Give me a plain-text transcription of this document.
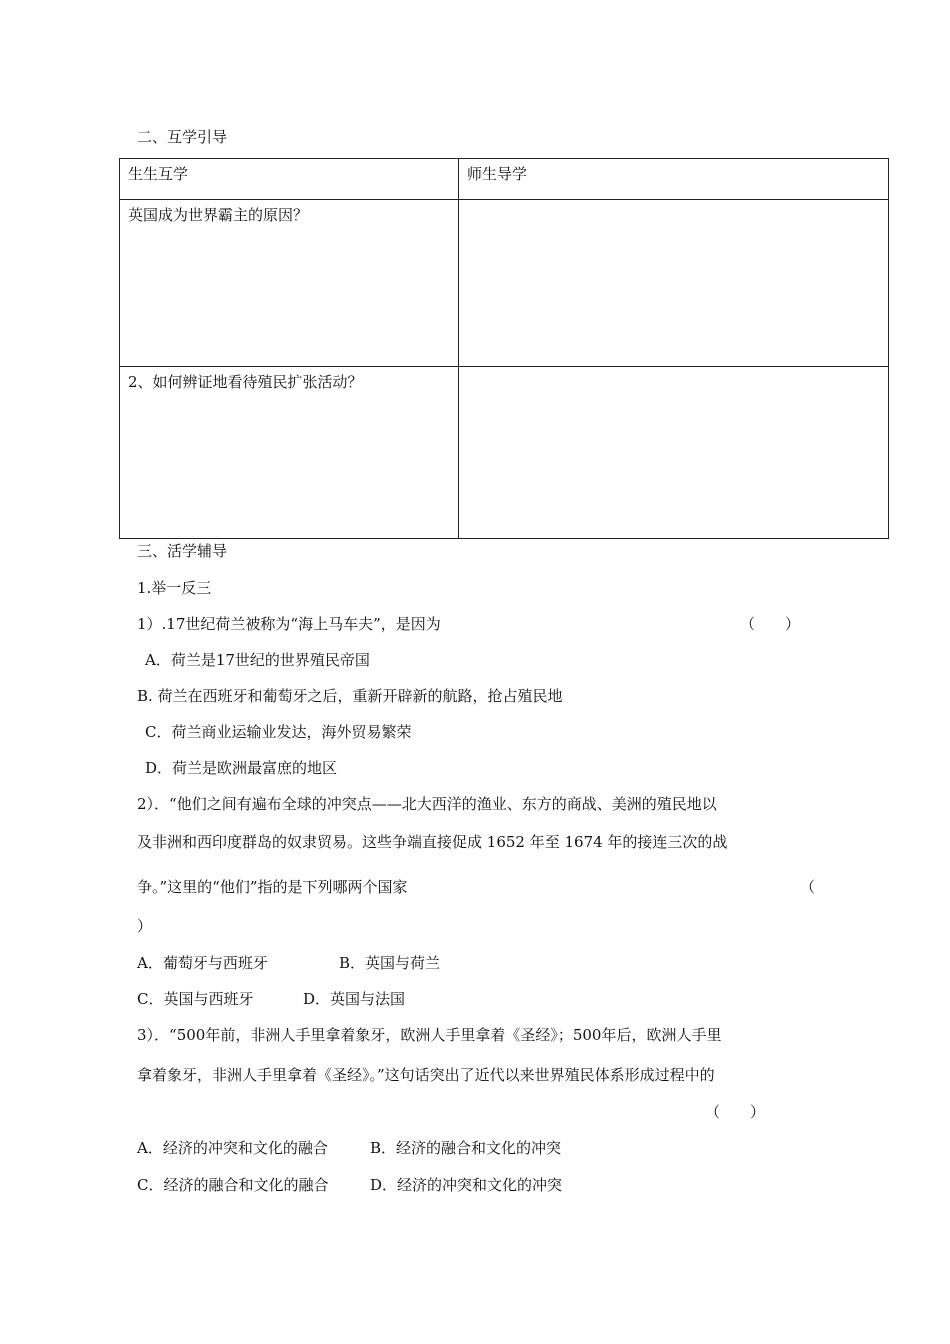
二、互学引导
生生互学	师生导学
英国成为世界霸主的原因？	
2、如何辨证地看待殖民扩张活动？	
三、活学辅导
1.举一反三
1）.17世纪荷兰被称为“海上马车夫”，是因为	（　　）
A．荷兰是17世纪的世界殖民帝国
B. 荷兰在西班牙和葡萄牙之后，重新开辟新的航路，抢占殖民地
C．荷兰商业运输业发达，海外贸易繁荣
D．荷兰是欧洲最富庶的地区
2）．“他们之间有遍布全球的冲突点——北大西洋的渔业、东方的商战、美洲的殖民地以
及非洲和西印度群岛的奴隶贸易。这些争端直接促成 1652 年至 1674 年的接连三次的战
争。”这里的“他们”指的是下列哪两个国家	（
）
A．葡萄牙与西班牙	B．英国与荷兰
C．英国与西班牙	D．英国与法国
3）．“500年前，非洲人手里拿着象牙，欧洲人手里拿着《圣经》；500年后，欧洲人手里
拿着象牙，非洲人手里拿着《圣经》。”这句话突出了近代以来世界殖民体系形成过程中的
（　　）
A．经济的冲突和文化的融合	B．经济的融合和文化的冲突
C．经济的融合和文化的融合	D．经济的冲突和文化的冲突
